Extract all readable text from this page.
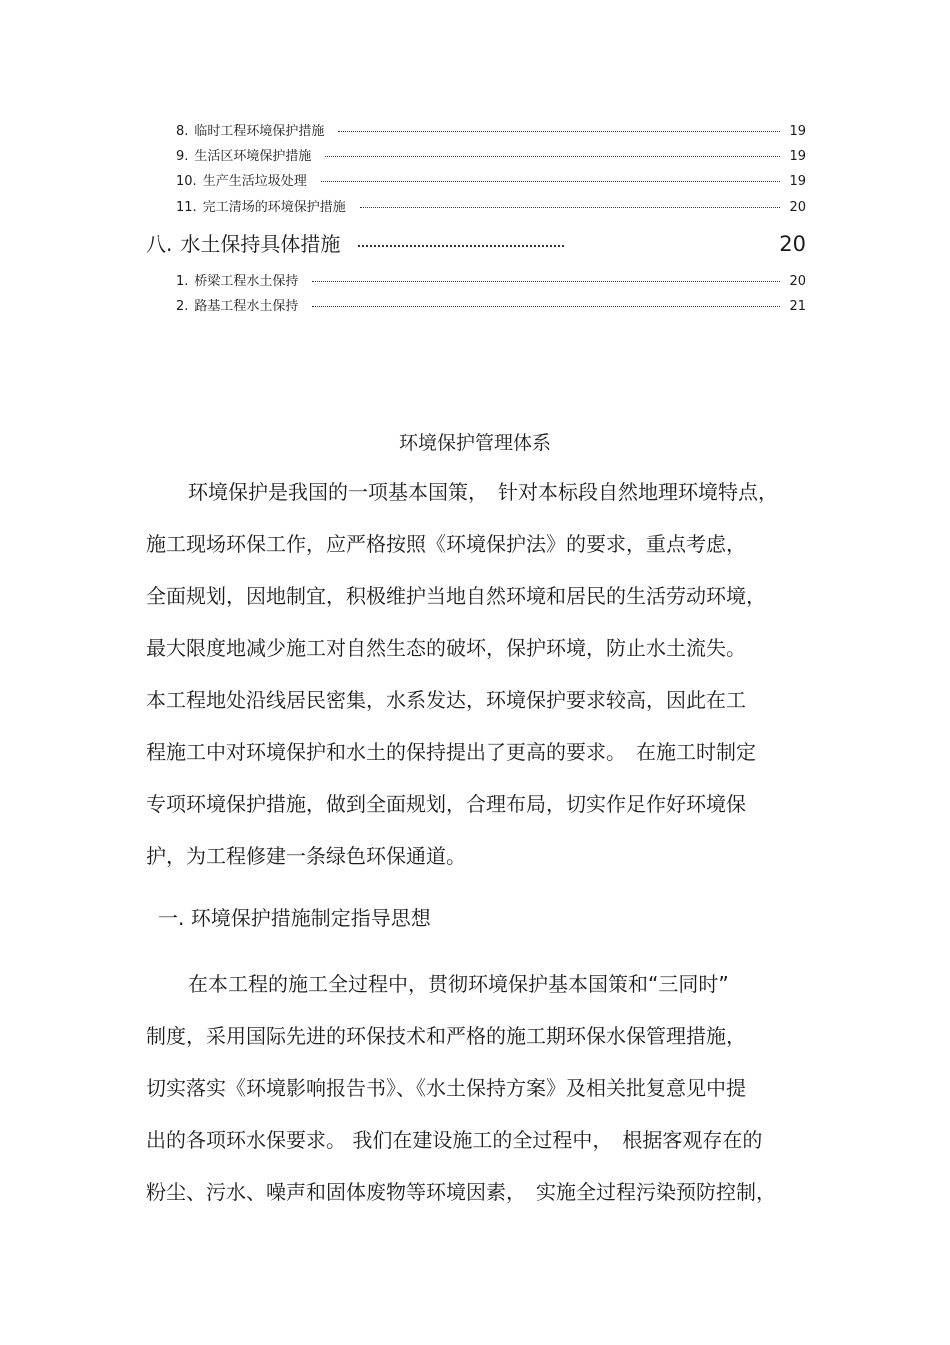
8. 临时工程环境保护措施	19
9. 生活区环境保护措施	19
10. 生产生活垃圾处理	19
11. 完工清场的环境保护措施	20
八. 水土保持具体措施	20
1. 桥梁工程水土保持	20
2. 路基工程水土保持	21
环境保护管理体系
环境保护是我国的一项基本国策，　针对本标段自然地理环境特点，
施工现场环保工作，应严格按照《环境保护法》的要求，重点考虑，
全面规划，因地制宜，积极维护当地自然环境和居民的生活劳动环境，
最大限度地减少施工对自然生态的破坏，保护环境，防止水土流失。
本工程地处沿线居民密集，水系发达，环境保护要求较高，因此在工
程施工中对环境保护和水土的保持提出了更高的要求。　在施工时制定
专项环境保护措施，做到全面规划，合理布局，切实作足作好环境保
护，为工程修建一条绿色环保通道。
一. 环境保护措施制定指导思想
在本工程的施工全过程中，贯彻环境保护基本国策和“三同时”
制度，采用国际先进的环保技术和严格的施工期环保水保管理措施，
切实落实《环境影响报告书》、《水土保持方案》及相关批复意见中提
出的各项环水保要求。 我们在建设施工的全过程中，　根据客观存在的
粉尘、污水、噪声和固体废物等环境因素，　实施全过程污染预防控制，
